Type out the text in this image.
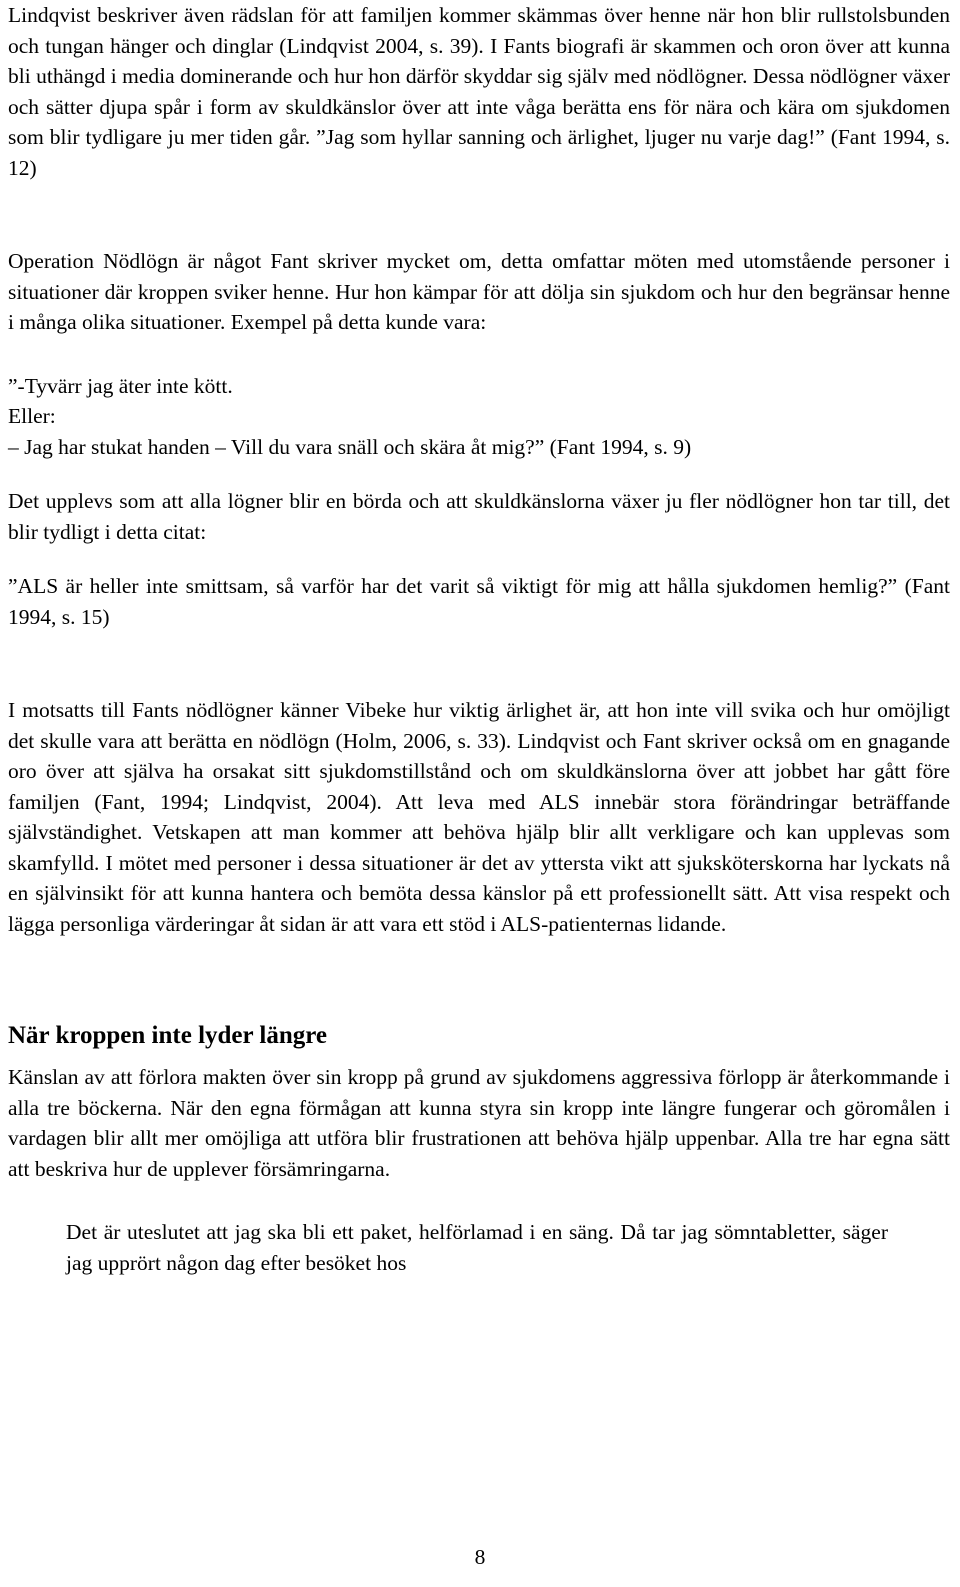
Lindqvist beskriver även rädslan för att familjen kommer skämmas över henne när hon blir rullstolsbunden och tungan hänger och dinglar (Lindqvist 2004, s. 39). I Fants biografi är skammen och oron över att kunna bli uthängd i media dominerande och hur hon därför skyddar sig själv med nödlögner. Dessa nödlögner växer och sätter djupa spår i form av skuldkänslor över att inte våga berätta ens för nära och kära om sjukdomen som blir tydligare ju mer tiden går. ”Jag som hyllar sanning och ärlighet, ljuger nu varje dag!” (Fant 1994, s. 12)

Operation Nödlögn är något Fant skriver mycket om, detta omfattar möten med utomstående personer i situationer där kroppen sviker henne. Hur hon kämpar för att dölja sin sjukdom och hur den begränsar henne i många olika situationer. Exempel på detta kunde vara:

”-Tyvärr jag äter inte kött.

Eller:

– Jag har stukat handen – Vill du vara snäll och skära åt mig?” (Fant 1994, s. 9)

Det upplevs som att alla lögner blir en börda och att skuldkänslorna växer ju fler nödlögner hon tar till, det blir tydligt i detta citat:

”ALS är heller inte smittsam, så varför har det varit så viktigt för mig att hålla sjukdomen hemlig?” (Fant 1994, s. 15)

I motsatts till Fants nödlögner känner Vibeke hur viktig ärlighet är, att hon inte vill svika och hur omöjligt det skulle vara att berätta en nödlögn (Holm, 2006, s. 33). Lindqvist och Fant skriver också om en gnagande oro över att själva ha orsakat sitt sjukdomstillstånd och om skuldkänslorna över att jobbet har gått före familjen (Fant, 1994; Lindqvist, 2004). Att leva med ALS innebär stora förändringar beträffande självständighet. Vetskapen att man kommer att behöva hjälp blir allt verkligare och kan upplevas som skamfylld. I mötet med personer i dessa situationer är det av yttersta vikt att sjuksköterskorna har lyckats nå en självinsikt för att kunna hantera och bemöta dessa känslor på ett professionellt sätt. Att visa respekt och lägga personliga värderingar åt sidan är att vara ett stöd i ALS-patienternas lidande.

När kroppen inte lyder längre

Känslan av att förlora makten över sin kropp på grund av sjukdomens aggressiva förlopp är återkommande i alla tre böckerna. När den egna förmågan att kunna styra sin kropp inte längre fungerar och göromålen i vardagen blir allt mer omöjliga att utföra blir frustrationen att behöva hjälp uppenbar. Alla tre har egna sätt att beskriva hur de upplever försämringarna.

Det är uteslutet att jag ska bli ett paket, helförlamad i en säng. Då tar jag sömntabletter, säger jag upprört någon dag efter besöket hos

8
